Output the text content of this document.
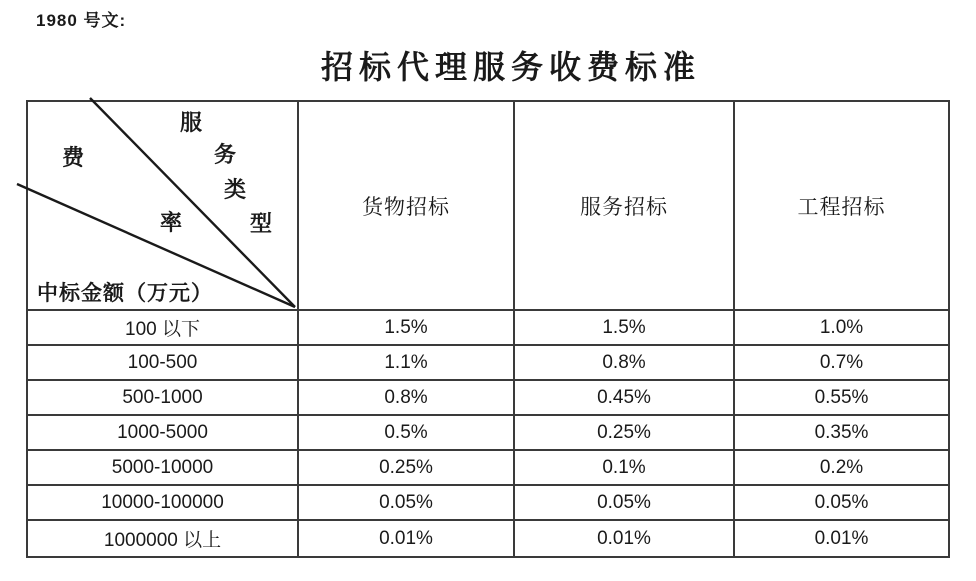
1980 号文:
招标代理服务收费标准
服
务
类
型
费
率
中标金额（万元）
货物招标	服务招标	工程招标
100 以下	1.5%	1.5%	1.0%
100-500	1.1%	0.8%	0.7%
500-1000	0.8%	0.45%	0.55%
1000-5000	0.5%	0.25%	0.35%
5000-10000	0.25%	0.1%	0.2%
10000-100000	0.05%	0.05%	0.05%
1000000 以上	0.01%	0.01%	0.01%
